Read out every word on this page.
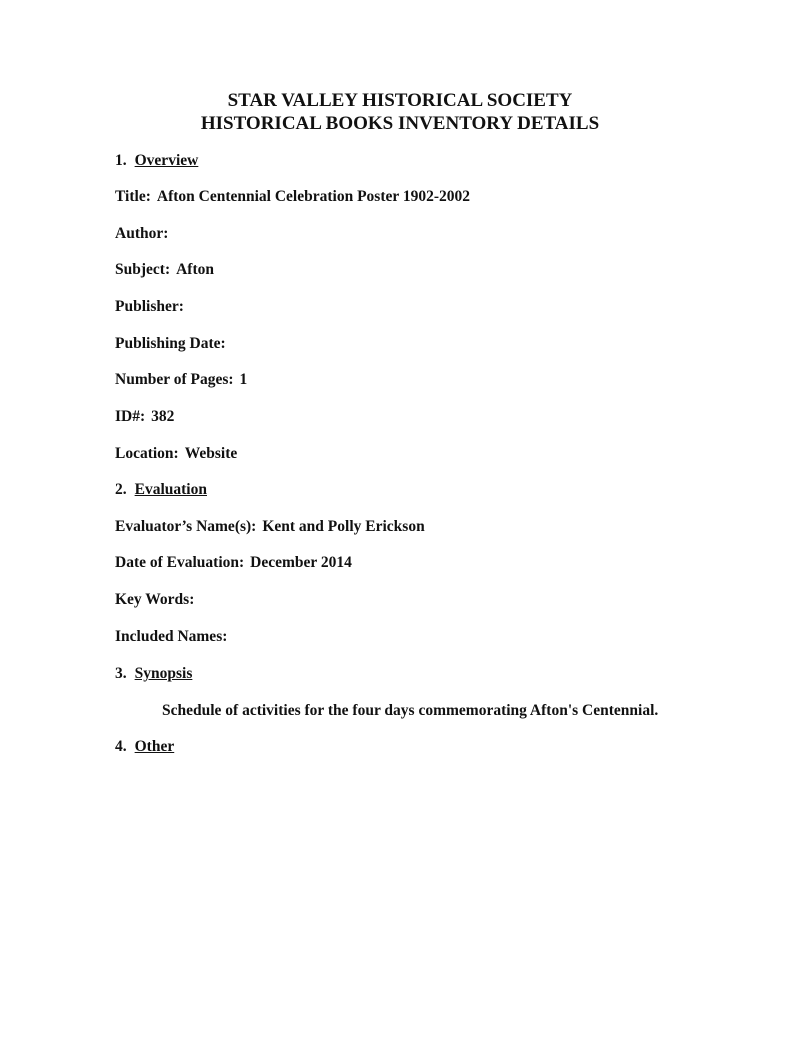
STAR VALLEY HISTORICAL SOCIETY
HISTORICAL BOOKS INVENTORY DETAILS
1. Overview
Title: Afton Centennial Celebration Poster 1902-2002
Author:
Subject: Afton
Publisher:
Publishing Date:
Number of Pages: 1
ID#: 382
Location: Website
2. Evaluation
Evaluator’s Name(s): Kent and Polly Erickson
Date of Evaluation: December 2014
Key Words:
Included Names:
3. Synopsis
Schedule of activities for the four days commemorating Afton's Centennial.
4. Other
